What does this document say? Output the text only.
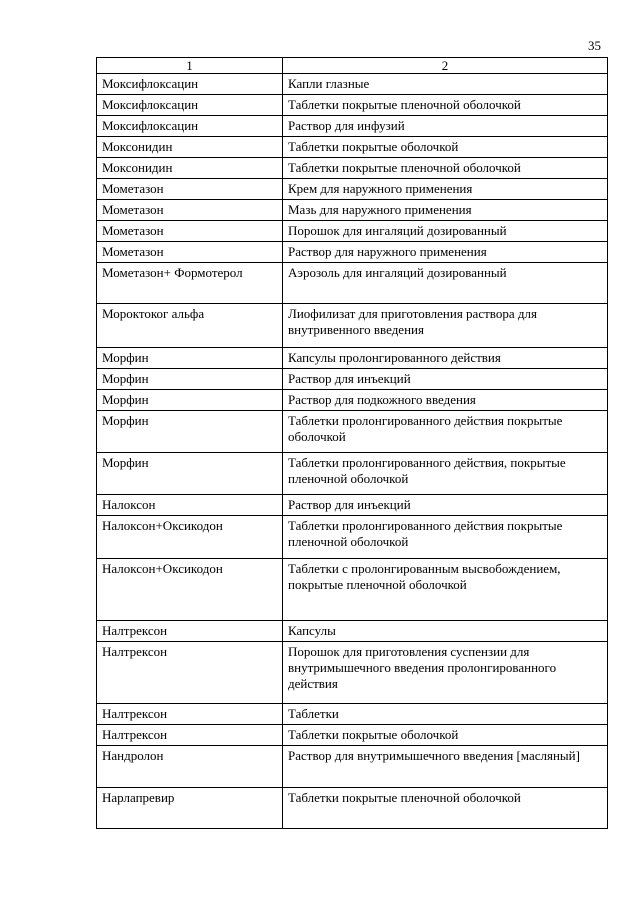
35
1	2
Моксифлоксацин	Капли глазные
Моксифлоксацин	Таблетки покрытые пленочной оболочкой
Моксифлоксацин	Раствор для инфузий
Моксонидин	Таблетки покрытые оболочкой
Моксонидин	Таблетки покрытые пленочной оболочкой
Мометазон	Крем для наружного применения
Мометазон	Мазь для наружного применения
Мометазон	Порошок для ингаляций дозированный
Мометазон	Раствор для наружного применения
Мометазон+ Формотерол	Аэрозоль для ингаляций дозированный
Мороктоког альфа	Лиофилизат для приготовления раствора для внутривенного введения
Морфин	Капсулы пролонгированного действия
Морфин	Раствор для инъекций
Морфин	Раствор для подкожного введения
Морфин	Таблетки пролонгированного действия покрытые оболочкой
Морфин	Таблетки пролонгированного действия, покрытые пленочной оболочкой
Налоксон	Раствор для инъекций
Налоксон+Оксикодон	Таблетки пролонгированного действия покрытые пленочной оболочкой
Налоксон+Оксикодон	Таблетки с пролонгированным высвобождением, покрытые пленочной оболочкой
Налтрексон	Капсулы
Налтрексон	Порошок для приготовления суспензии для внутримышечного введения пролонгированного действия
Налтрексон	Таблетки
Налтрексон	Таблетки покрытые оболочкой
Нандролон	Раствор для внутримышечного введения [масляный]
Нарлапревир	Таблетки покрытые пленочной оболочкой
